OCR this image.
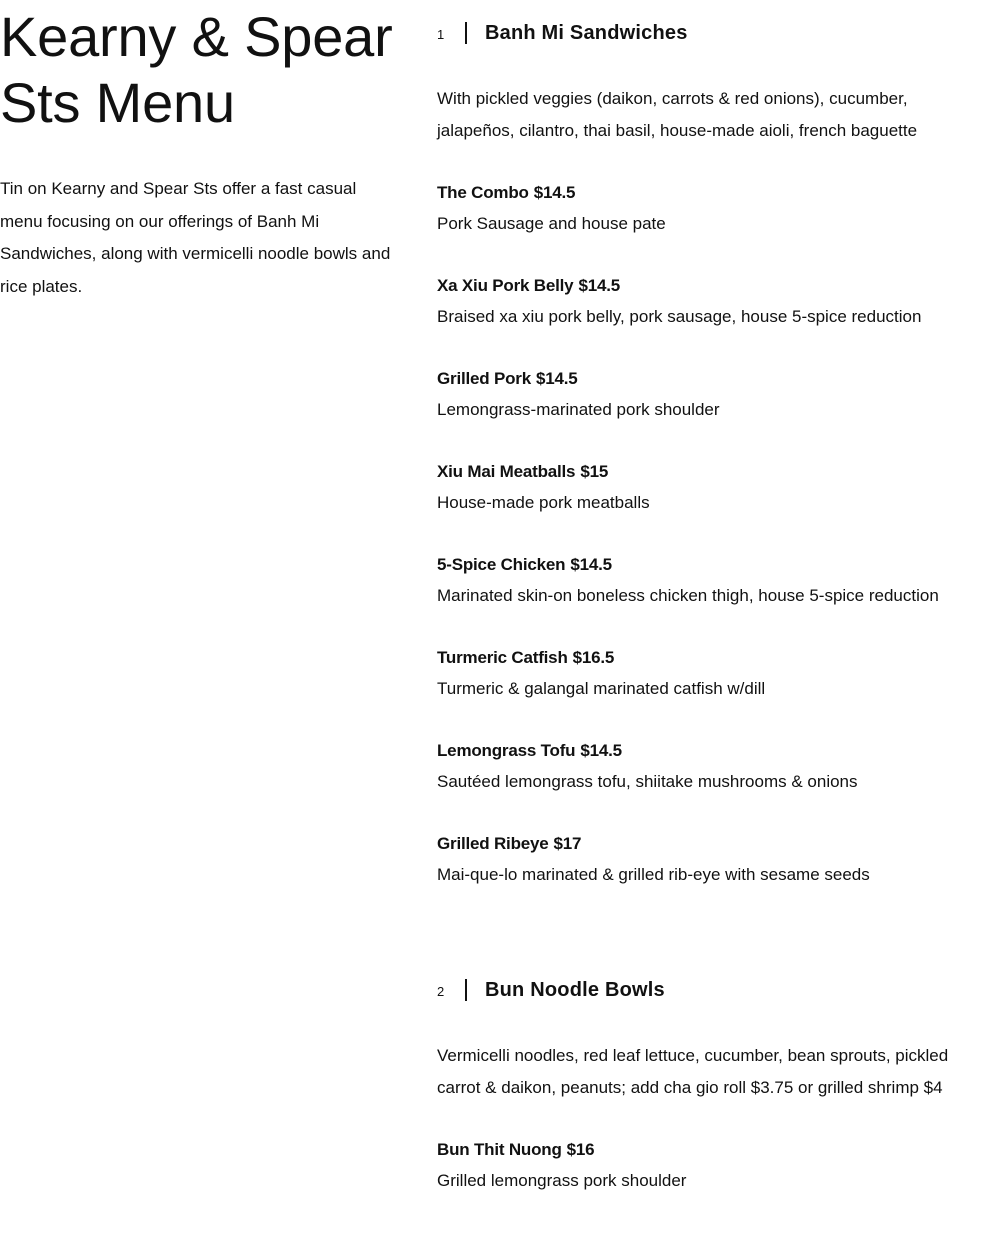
Kearny & Spear Sts Menu

Tin on Kearny and Spear Sts offer a fast casual menu focusing on our offerings of Banh Mi Sandwiches, along with vermicelli noodle bowls and rice plates.

1	Banh Mi Sandwiches

With pickled veggies (daikon, carrots & red onions), cucumber, jalapeños, cilantro, thai basil, house-made aioli, french baguette

The Combo $14.5
Pork Sausage and house pate
Xa Xiu Pork Belly $14.5
Braised xa xiu pork belly, pork sausage, house 5-spice reduction
Grilled Pork $14.5
Lemongrass-marinated pork shoulder
Xiu Mai Meatballs $15
House-made pork meatballs
5-Spice Chicken $14.5
Marinated skin-on boneless chicken thigh, house 5-spice reduction
Turmeric Catfish $16.5
Turmeric & galangal marinated catfish w/dill
Lemongrass Tofu $14.5
Sautéed lemongrass tofu, shiitake mushrooms & onions
Grilled Ribeye $17
Mai-que-lo marinated & grilled rib-eye with sesame seeds
2	Bun Noodle Bowls

Vermicelli noodles, red leaf lettuce, cucumber, bean sprouts, pickled carrot & daikon, peanuts; add cha gio roll $3.75 or grilled shrimp $4

Bun Thit Nuong $16
Grilled lemongrass pork shoulder
